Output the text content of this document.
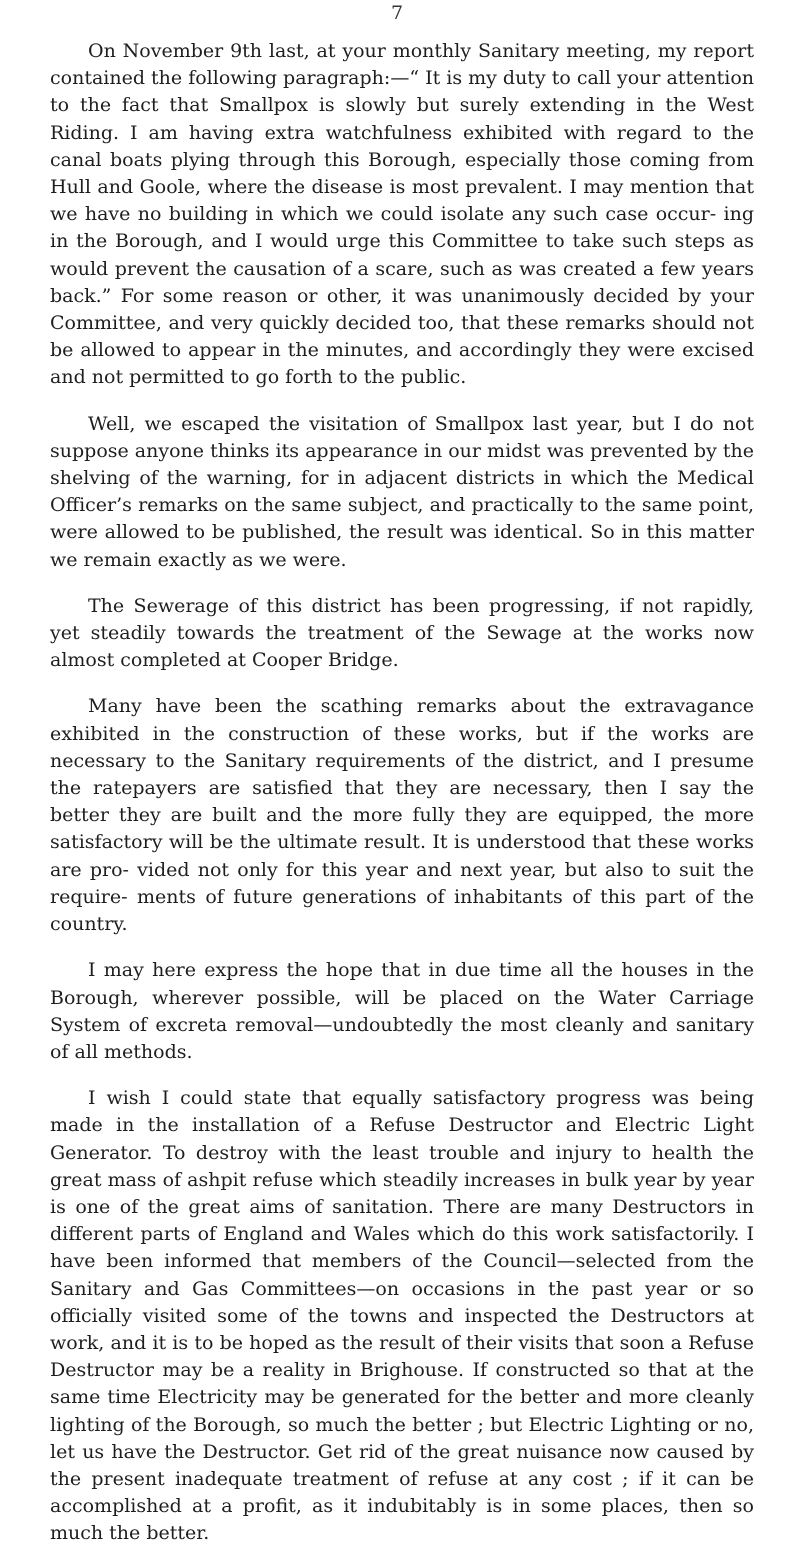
7

On November 9th last, at your monthly Sanitary meeting, my report contained the following paragraph:—“ It is my duty to call your attention to the fact that Smallpox is slowly but surely extending in the West Riding. I am having extra watchfulness exhibited with regard to the canal boats plying through this Borough, especially those coming from Hull and Goole, where the disease is most prevalent. I may mention that we have no building in which we could isolate any such case occur- ing in the Borough, and I would urge this Committee to take such steps as would prevent the causation of a scare, such as was created a few years back.” For some reason or other, it was unanimously decided by your Committee, and very quickly decided too, that these remarks should not be allowed to appear in the minutes, and accordingly they were excised and not permitted to go forth to the public.

Well, we escaped the visitation of Smallpox last year, but I do not suppose anyone thinks its appearance in our midst was prevented by the shelving of the warning, for in adjacent districts in which the Medical Officer’s remarks on the same subject, and practically to the same point, were allowed to be published, the result was identical. So in this matter we remain exactly as we were.

The Sewerage of this district has been progressing, if not rapidly, yet steadily towards the treatment of the Sewage at the works now almost completed at Cooper Bridge.

Many have been the scathing remarks about the extravagance exhibited in the construction of these works, but if the works are necessary to the Sanitary requirements of the district, and I presume the ratepayers are satisfied that they are necessary, then I say the better they are built and the more fully they are equipped, the more satisfactory will be the ultimate result. It is understood that these works are pro- vided not only for this year and next year, but also to suit the require- ments of future generations of inhabitants of this part of the country.

I may here express the hope that in due time all the houses in the Borough, wherever possible, will be placed on the Water Carriage System of excreta removal—undoubtedly the most cleanly and sanitary of all methods.

I wish I could state that equally satisfactory progress was being made in the installation of a Refuse Destructor and Electric Light Generator. To destroy with the least trouble and injury to health the great mass of ashpit refuse which steadily increases in bulk year by year is one of the great aims of sanitation. There are many Destructors in different parts of England and Wales which do this work satisfactorily. I have been informed that members of the Council—selected from the Sanitary and Gas Committees—on occasions in the past year or so officially visited some of the towns and inspected the Destructors at work, and it is to be hoped as the result of their visits that soon a Refuse Destructor may be a reality in Brighouse. If constructed so that at the same time Electricity may be generated for the better and more cleanly lighting of the Borough, so much the better ; but Electric Lighting or no, let us have the Destructor. Get rid of the great nuisance now caused by the present inadequate treatment of refuse at any cost ; if it can be accomplished at a profit, as it indubitably is in some places, then so much the better.
